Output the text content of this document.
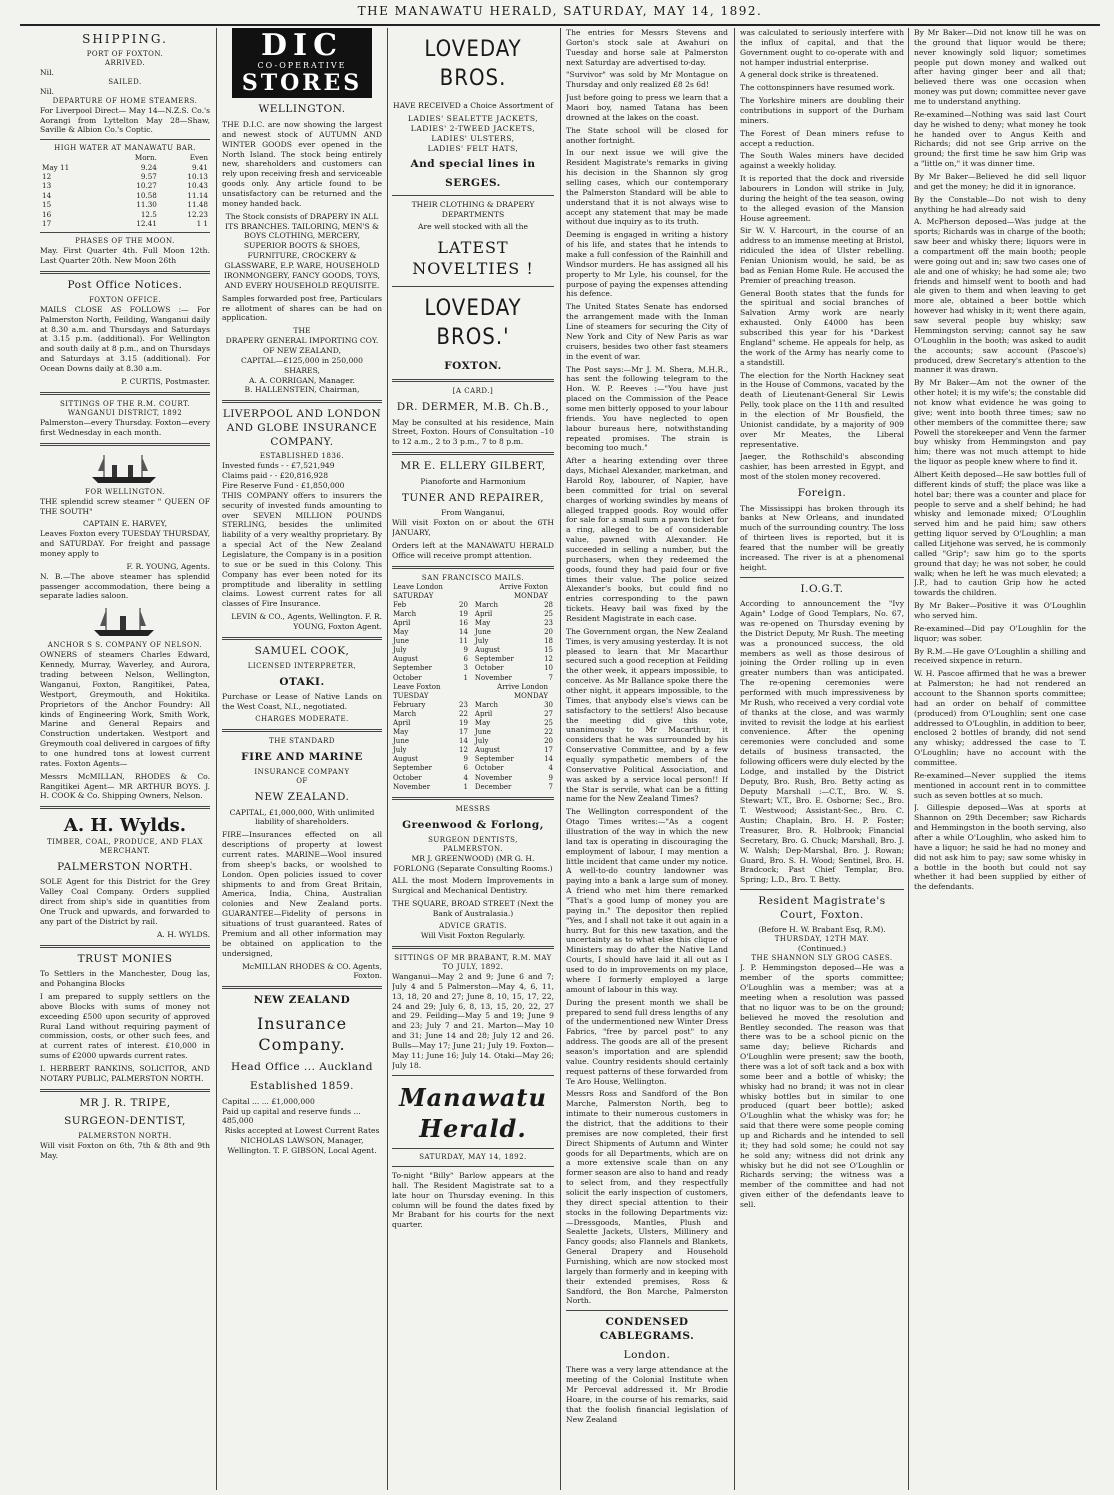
THE MANAWATU HERALD, SATURDAY, MAY 14, 1892.
SHIPPING.
PORT OF FOXTON.
ARRIVED.
Nil.
SAILED.
Nil.
DEPARTURE OF HOME STEAMERS.

For Liverpool Direct— May 14—N.Z.S. Co.'s Aorangi from Lyttelton May 28—Shaw, Saville & Albion Co.'s Coptic.

HIGH WATER AT MANAWATU BAR.
	Morn.	Even
May 11	9.24	9.41
12	9.57	10.13
13	10.27	10.43
14	10.58	11.14
15	11.30	11.48
16	12.5	12.23
17	12.41	1 1
PHASES OF THE MOON.

May. First Quarter 4th. Full Moon 12th. Last Quarter 20th. New Moon 26th

Post Office Notices.
FOXTON OFFICE.

MAILS CLOSE AS FOLLOWS :— For Palmerston North, Feilding, Wanganui daily at 8.30 a.m. and Thursdays and Saturdays at 3.15 p.m. (additional). For Wellington and south daily at 8 p.m., and on Thursdays and Saturdays at 3.15 (additional). For Ocean Downs daily at 8.30 a.m.

P. CURTIS, Postmaster.
SITTINGS OF THE R.M. COURT.
WANGANUI DISTRICT, 1892

Palmerston—every Thursday. Foxton—every first Wednesday in each month.

FOR WELLINGTON.

THE splendid screw steamer " QUEEN OF THE SOUTH"

CAPTAIN E. HARVEY,

Leaves Foxton every TUESDAY THURSDAY, and SATURDAY. For freight and passage money apply to

F. R. YOUNG, Agents.

N. B.—The above steamer has splendid passenger accommodation, there being a separate ladies saloon.

ANCHOR S S. COMPANY OF NELSON.

OWNERS of steamers Charles Edward, Kennedy, Murray, Waverley, and Aurora, trading between Nelson, Wellington, Wanganui, Foxton, Rangitikei, Patea, Westport, Greymouth, and Hokitika. Proprietors of the Anchor Foundry: All kinds of Engineering Work, Smith Work, Marine and General Repairs and Construction undertaken. Westport and Greymouth coal delivered in cargoes of fifty to one hundred tons at lowest current rates. Foxton Agents—

Messrs McMILLAN, RHODES & Co. Rangitikei Agent— MR ARTHUR BOYS. J. H. COOK & Co. Shipping Owners, Nelson.

A. H. Wylds.
TIMBER, COAL, PRODUCE, AND FLAX MERCHANT.
PALMERSTON NORTH.

SOLE Agent for this District for the Grey Valley Coal Company. Orders supplied direct from ship's side in quantities from One Truck and upwards, and forwarded to any part of the District by rail.

A. H. WYLDS.
TRUST MONIES

To Settlers in the Manchester, Doug las, and Pohangina Blocks

I am prepared to supply settlers on the above Blocks with sums of money not exceeding £500 upon security of approved Rural Land without requiring payment of commission, costs, or other such fees, and at current rates of interest. £10,000 in sums of £2000 upwards current rates.

I. HERBERT RANKINS, SOLICITOR, AND NOTARY PUBLIC, PALMERSTON NORTH.

MR J. R. TRIPE,
SURGEON-DENTIST,
PALMERSTON NORTH.

Will visit Foxton on 6th, 7th & 8th and 9th May.

DIC
CO-OPERATIVE
STORES
WELLINGTON.

THE D.I.C. are now showing the largest and newest stock of AUTUMN AND WINTER GOODS ever opened in the North Island. The stock being entirely new, shareholders and customers can rely upon receiving fresh and serviceable goods only. Any article found to be unsatisfactory can be returned and the money handed back.

The Stock consists of DRAPERY IN ALL ITS BRANCHES. TAILORING, MEN'S & BOYS CLOTHING, MERCERY, SUPERIOR BOOTS & SHOES, FURNITURE, CROCKERY & GLASSWARE, E.P. WARE, HOUSEHOLD IRONMONGERY, FANCY GOODS, TOYS, AND EVERY HOUSEHOLD REQUISITE.

Samples forwarded post free, Particulars re allotment of shares can be had on application.

THE
DRAPERY GENERAL IMPORTING COY. OF NEW ZEALAND,
CAPITAL—£125,000 in 250,000 SHARES,
A. A. CORRIGAN, Manager.
B. HALLENSTEIN, Chairman,
LIVERPOOL AND LONDON AND GLOBE INSURANCE COMPANY.
ESTABLISHED 1836.
Invested funds - - £7,521,949
Claims paid - - £20,816,928
Fire Reserve Fund - £1,850,000

THIS COMPANY offers to insurers the security of invested funds amounting to over SEVEN MILLION POUNDS STERLING, besides the unlimited liability of a very wealthy proprietary. By a special Act of the New Zealand Legislature, the Company is in a position to sue or be sued in this Colony. This Company has ever been noted for its promptitude and liberality in settling claims. Lowest current rates for all classes of Fire Insurance.

LEVIN & CO., Agents, Wellington. F. R. YOUNG, Foxton Agent.
SAMUEL COOK,
LICENSED INTERPRETER,
OTAKI.

Purchase or Lease of Native Lands on the West Coast, N.I., negotiated.

CHARGES MODERATE.
THE STANDARD
FIRE AND MARINE
INSURANCE COMPANY
OF
NEW ZEALAND.

CAPITAL, £1,000,000, With unlimited liability of shareholders.

FIRE—Insurances effected on all descriptions of property at lowest current rates. MARINE—Wool insured from sheep's backs, or woolshed to London. Open policies issued to cover shipments to and from Great Britain, America, India, China, Australian colonies and New Zealand ports. GUARANTEE—Fidelity of persons in situations of trust guaranteed. Rates of Premium and all other information may be obtained on application to the undersigned,

McMILLAN RHODES & CO. Agents, Foxton.
NEW ZEALAND
Insurance Company.
Head Office ... Auckland
Established 1859.
Capital ... ... £1,000,000
Paid up capital and reserve funds ... 485,000
Risks accepted at Lowest Current Rates

NICHOLAS LAWSON, Manager, Wellington. T. F. GIBSON, Local Agent.

LOVEDAY BROS.

HAVE RECEIVED a Choice Assortment of

LADIES' SEALETTE JACKETS,
LADIES' 2-TWEED JACKETS,
LADIES' ULSTERS,
LADIES' FELT HATS,
And special lines in
SERGES.

THEIR CLOTHING & DRAPERY DEPARTMENTS

Are well stocked with all the

LATEST NOVELTIES !
LOVEDAY BROS.'
FOXTON.
[A CARD.]
DR. DERMER, M.B. Ch.B.,

May be consulted at his residence, Main Street, Foxton. Hours of Consultation –10 to 12 a.m., 2 to 3 p.m., 7 to 8 p.m.

MR E. ELLERY GILBERT,
Pianoforte and Harmonium
TUNER AND REPAIRER,
From Wanganui,

Will visit Foxton on or about the 6TH JANUARY,

Orders left at the MANAWATU HERALD Office will receive prompt attention.

SAN FRANCISCO MAILS.
Leave London SATURDAY		Arrive Foxton MONDAY	
Feb	20	March	28
March	19	April	25
April	16	May	23
May	14	June	20
June	11	July	18
July	9	August	15
August	6	September	12
September	3	October	10
October	1	November	7
Leave Foxton TUESDAY		Arrive London MONDAY	
February	23	March	30
March	22	April	27
April	19	May	25
May	17	June	22
June	14	July	20
July	12	August	17
August	9	September	14
September	6	October	4
October	4	November	9
November	1	December	7
MESSRS
Greenwood & Forlong,
SURGEON DENTISTS,
PALMERSTON.

MR J. GREENWOOD) (MR G. H. FORLONG (Separate Consulting Rooms.)

ALL the most Modern Improvements in Surgical and Mechanical Dentistry.

THE SQUARE, BROAD STREET (Next the Bank of Australasia.)

ADVICE GRATIS.
Will Visit Foxton Regularly.
SITTINGS OF MR BRABANT, R.M. MAY TO JULY, 1892.

Wanganui—May 2 and 9; June 6 and 7; July 4 and 5 Palmerston—May 4, 6, 11, 13, 18, 20 and 27; June 8, 10, 15, 17, 22, 24 and 29; July 6, 8, 13, 15, 20, 22, 27 and 29. Feilding—May 5 and 19; June 9 and 23; July 7 and 21. Marton—May 10 and 31; June 14 and 28; July 12 and 26. Bulls—May 17; June 21; July 19. Foxton—May 11; June 16; July 14. Otaki—May 26; July 18.

Manawatu Herald.
SATURDAY, MAY 14, 1892.

To-night "Billy" Barlow appears at the hall. The Resident Magistrate sat to a late hour on Thursday evening. In this column will be found the dates fixed by Mr Brabant for his courts for the next quarter.

The entries for Messrs Stevens and Gorton's stock sale at Awahuri on Tuesday and horse sale at Palmerston next Saturday are advertised to-day.

"Survivor" was sold by Mr Montague on Thursday and only realized £8 2s 6d!

Just before going to press we learn that a Maori boy, named Tatana has been drowned at the lakes on the coast.

The State school will be closed for another fortnight.

In our next issue we will give the Resident Magistrate's remarks in giving his decision in the Shannon sly grog selling cases, which our contemporary the Palmerston Standard will be able to understand that it is not always wise to accept any statement that may be made without due inquiry as to its truth.

Deeming is engaged in writing a history of his life, and states that he intends to make a full confession of the Rainhill and Windsor murders. He has assigned all his property to Mr Lyle, his counsel, for the purpose of paying the expenses attending his defence.

The United States Senate has endorsed the arrangement made with the Inman Line of steamers for securing the City of New York and City of New Paris as war cruisers, besides two other fast steamers in the event of war.

The Post says:—Mr J. M. Shera, M.H.R., has sent the following telegram to the Hon. W. P. Reeves :—"You have just placed on the Commission of the Peace some men bitterly opposed to your labour friends. You have neglected to open labour bureaus here, notwithstanding repeated promises. The strain is becoming too much."

After a hearing extending over three days, Michael Alexander, marketman, and Harold Roy, labourer, of Napier, have been committed for trial on several charges of working swindles by means of alleged trapped goods. Roy would offer for sale for a small sum a pawn ticket for a ring, alleged to be of considerable value, pawned with Alexander. He succeeded in selling a number, but the purchasers, when they redeemed the goods, found they had paid four or five times their value. The police seized Alexander's books, but could find no entries corresponding to the pawn tickets. Heavy bail was fixed by the Resident Magistrate in each case.

The Government organ, the New Zealand Times, is very amusing yesterday. It is not pleased to learn that Mr Macarthur secured such a good reception at Feilding the other week, it appears impossible, to conceive. As Mr Ballance spoke there the other night, it appears impossible, to the Times, that anybody else's views can be satisfactory to the settlers! Also because the meeting did give this vote, unanimously to Mr Macarthur, it considers that he was surrounded by his Conservative Committee, and by a few equally sympathetic members of the Conservative Political Association, and was asked by a service local person!! If the Star is servile, what can be a fitting name for the New Zealand Times?

The Wellington correspondent of the Otago Times writes:—"As a cogent illustration of the way in which the new land tax is operating in discouraging the employment of labour, I may mention a little incident that came under my notice. A well-to-do country landowner was paying into a bank a large sum of money. A friend who met him there remarked "That's a good lump of money you are paying in." The depositor then replied "Yes, and I shall not take it out again in a hurry. But for this new taxation, and the uncertainty as to what else this clique of Ministers may do after the Native Land Courts, I should have laid it all out as I used to do in improvements on my place, where I formerly employed a large amount of labour in this way.

During the present month we shall be prepared to send full dress lengths of any of the undermentioned new Winter Dress Fabrics, "free by parcel post" to any address. The goods are all of the present season's importation and are splendid value. Country residents should certainly request patterns of these forwarded from Te Aro House, Wellington.

Messrs Ross and Sandford of the Bon Marche, Palmerston North, beg to intimate to their numerous customers in the district, that the additions to their premises are now completed, their first Direct Shipments of Autumn and Winter goods for all Departments, which are on a more extensive scale than on any former season are also to hand and ready to select from, and they respectfully solicit the early inspection of customers, they direct special attention to their stocks in the following Departments viz:—Dressgoods, Mantles, Plush and Sealette Jackets, Ulsters, Millinery and Fancy goods; also Flannels and Blankets, General Drapery and Household Furnishing, which are now stocked most largely than formerly and in keeping with their extended premises, Ross & Sandford, the Bon Marche, Palmerston North.

CONDENSED CABLEGRAMS.
London.

There was a very large attendance at the meeting of the Colonial Institute when Mr Perceval addressed it. Mr Brodie Hoare, in the course of his remarks, said that the foolish financial legislation of New Zealand

was calculated to seriously interfere with the influx of capital, and that the Government ought to co-operate with and not hamper industrial enterprise.

A general dock strike is threatened.

The cottonspinners have resumed work.

The Yorkshire miners are doubling their contributions in support of the Durham miners.

The Forest of Dean miners refuse to accept a reduction.

The South Wales miners have decided against a weekly holiday.

It is reported that the dock and riverside labourers in London will strike in July, during the height of the tea season, owing to the alleged evasion of the Mansion House agreement.

Sir W. V. Harcourt, in the course of an address to an immense meeting at Bristol, ridiculed the idea of Ulster rebelling. Fenian Unionism would, he said, be as bad as Fenian Home Rule. He accused the Premier of preaching treason.

General Booth states that the funds for the spiritual and social branches of Salvation Army work are nearly exhausted. Only £4000 has been subscribed this year for his "Darkest England" scheme. He appeals for help, as the work of the Army has nearly come to a standstill.

The election for the North Hackney seat in the House of Commons, vacated by the death of Lieutenant-General Sir Lewis Pelly, took place on the 11th and resulted in the election of Mr Bousfield, the Unionist candidate, by a majority of 909 over Mr Meates, the Liberal representative.

Jaeger, the Rothschild's absconding cashier, has been arrested in Egypt, and most of the stolen money recovered.

Foreign.

The Mississippi has broken through its banks at New Orleans, and inundated much of the surrounding country. The loss of thirteen lives is reported, but it is feared that the number will be greatly increased. The river is at a phenomenal height.

I.O.G.T.

According to announcement the "Ivy Again" Lodge of Good Templars, No. 67, was re-opened on Thursday evening by the District Deputy, Mr Rush. The meeting was a pronounced success, the old members as well as those desirous of joining the Order rolling up in even greater numbers than was anticipated. The re-opening ceremonies were performed with much impressiveness by Mr Rush, who received a very cordial vote of thanks at the close, and was warmly invited to revisit the lodge at his earliest convenience. After the opening ceremonies were concluded and some details of business transacted, the following officers were duly elected by the Lodge, and installed by the District Deputy, Bro. Rush, Bro. Betty acting as Deputy Marshall :—C.T., Bro. W. S. Stewart; V.T., Bro. E. Osborne; Sec., Bro. T. Westwood; Assistant-Sec., Bro. C. Austin; Chaplain, Bro. H. P. Foster; Treasurer, Bro. R. Holbrook; Financial Secretary, Bro. G. Chuck; Marshall, Bro. J. W. Walsh; Dep-Marshal, Bro. J. Rowan; Guard, Bro. S. H. Wood; Sentinel, Bro. H. Bradcock; Past Chief Templar, Bro. Spring; L.D., Bro. T. Betty.

Resident Magistrate's Court, Foxton.
(Before H. W. Brabant Esq, R.M).
THURSDAY, 12TH MAY.
(Continued.)
THE SHANNON SLY GROG CASES.

J. P. Hemmingston deposed—He was a member of the sports committee; O'Loughlin was a member; was at a meeting when a resolution was passed that no liquor was to be on the ground; believed he moved the resolution and Bentley seconded. The reason was that there was to be a school picnic on the same day; believe Richards and O'Loughlin were present; saw the booth, there was a lot of soft tack and a box with some beer and a bottle of whisky; the whisky had no brand; it was not in clear whisky bottles but in similar to one produced (quart beer bottle); asked O'Loughlin what the whisky was for; he said that there were some people coming up and Richards and he intended to sell it; they had sold some; he could not say he sold any; witness did not drink any whisky but he did not see O'Loughlin or Richards serving; the witness was a member of the committee and had not given either of the defendants leave to sell.

By Mr Baker—Did not know till he was on the ground that liquor would be there; never knowingly sold liquor; sometimes people put down money and walked out after having ginger beer and all that; believed there was one occasion when money was put down; committee never gave me to understand anything.

Re-examined—Nothing was said last Court day he wished to deny; what money he took he handed over to Angus Keith and Richards; did not see Grip arrive on the ground; the first time he saw him Grip was a "little on," it was dinner time.

By Mr Baker—Believed he did sell liquor and get the money; he did it in ignorance.

By the Constable—Do not wish to deny anything he had already said

A. McPherson deposed—Was judge at the sports; Richards was in charge of the booth; saw beer and whisky there; liquors were in a compartment off the main booth; people were going out and in; saw two cases one of ale and one of whisky; he had some ale; two friends and himself went to booth and had ale given to them and when leaving to get more ale, obtained a beer bottle which however had whisky in it; went there again, saw several people buy whisky; saw Hemmingston serving; cannot say he saw O'Loughlin in the booth; was asked to audit the accounts; saw account (Pascoe's) produced, drew Secretary's attention to the manner it was drawn.

By Mr Baker—Am not the owner of the other hotel; it is my wife's; the constable did not know what evidence he was going to give; went into booth three times; saw no other members of the committee there; saw Powell the storekeeper and Venn the farmer buy whisky from Hemmingston and pay him; there was not much attempt to hide the liquor as people knew where to find it.

Albert Keith deposed—He saw bottles full of different kinds of stuff; the place was like a hotel bar; there was a counter and place for people to serve and a shelf behind; he had whisky and lemonade mixed; O'Loughlin served him and he paid him; saw others getting liquor served by O'Loughlin; a man called Litjehone was served, he is commonly called "Grip"; saw him go to the sports ground that day; he was not sober, he could walk; when he left he was much elevated; a J.P., had to caution Grip how he acted towards the children.

By Mr Baker—Positive it was O'Loughlin who served him.

Re-examined—Did pay O'Loughlin for the liquor; was sober.

By R.M.—He gave O'Loughlin a shilling and received sixpence in return.

W. H. Pascoe affirmed that he was a brewer at Palmerston; he had not rendered an account to the Shannon sports committee; had an order on behalf of committee (produced) from O'Loughlin; sent one case addressed to O'Loughlin, in addition to beer, enclosed 2 bottles of brandy, did not send any whisky; addressed the case to T. O'Loughlin; have no account with the committee.

Re-examined—Never supplied the items mentioned in account rent in to committee such as seven bottles at so much.

J. Gillespie deposed—Was at sports at Shannon on 29th December; saw Richards and Hemmingston in the booth serving, also after a while O'Loughlin, who asked him to have a liquor; he said he had no money and did not ask him to pay; saw some whisky in a bottle in the booth but could not say whether it had been supplied by either of the defendants.
